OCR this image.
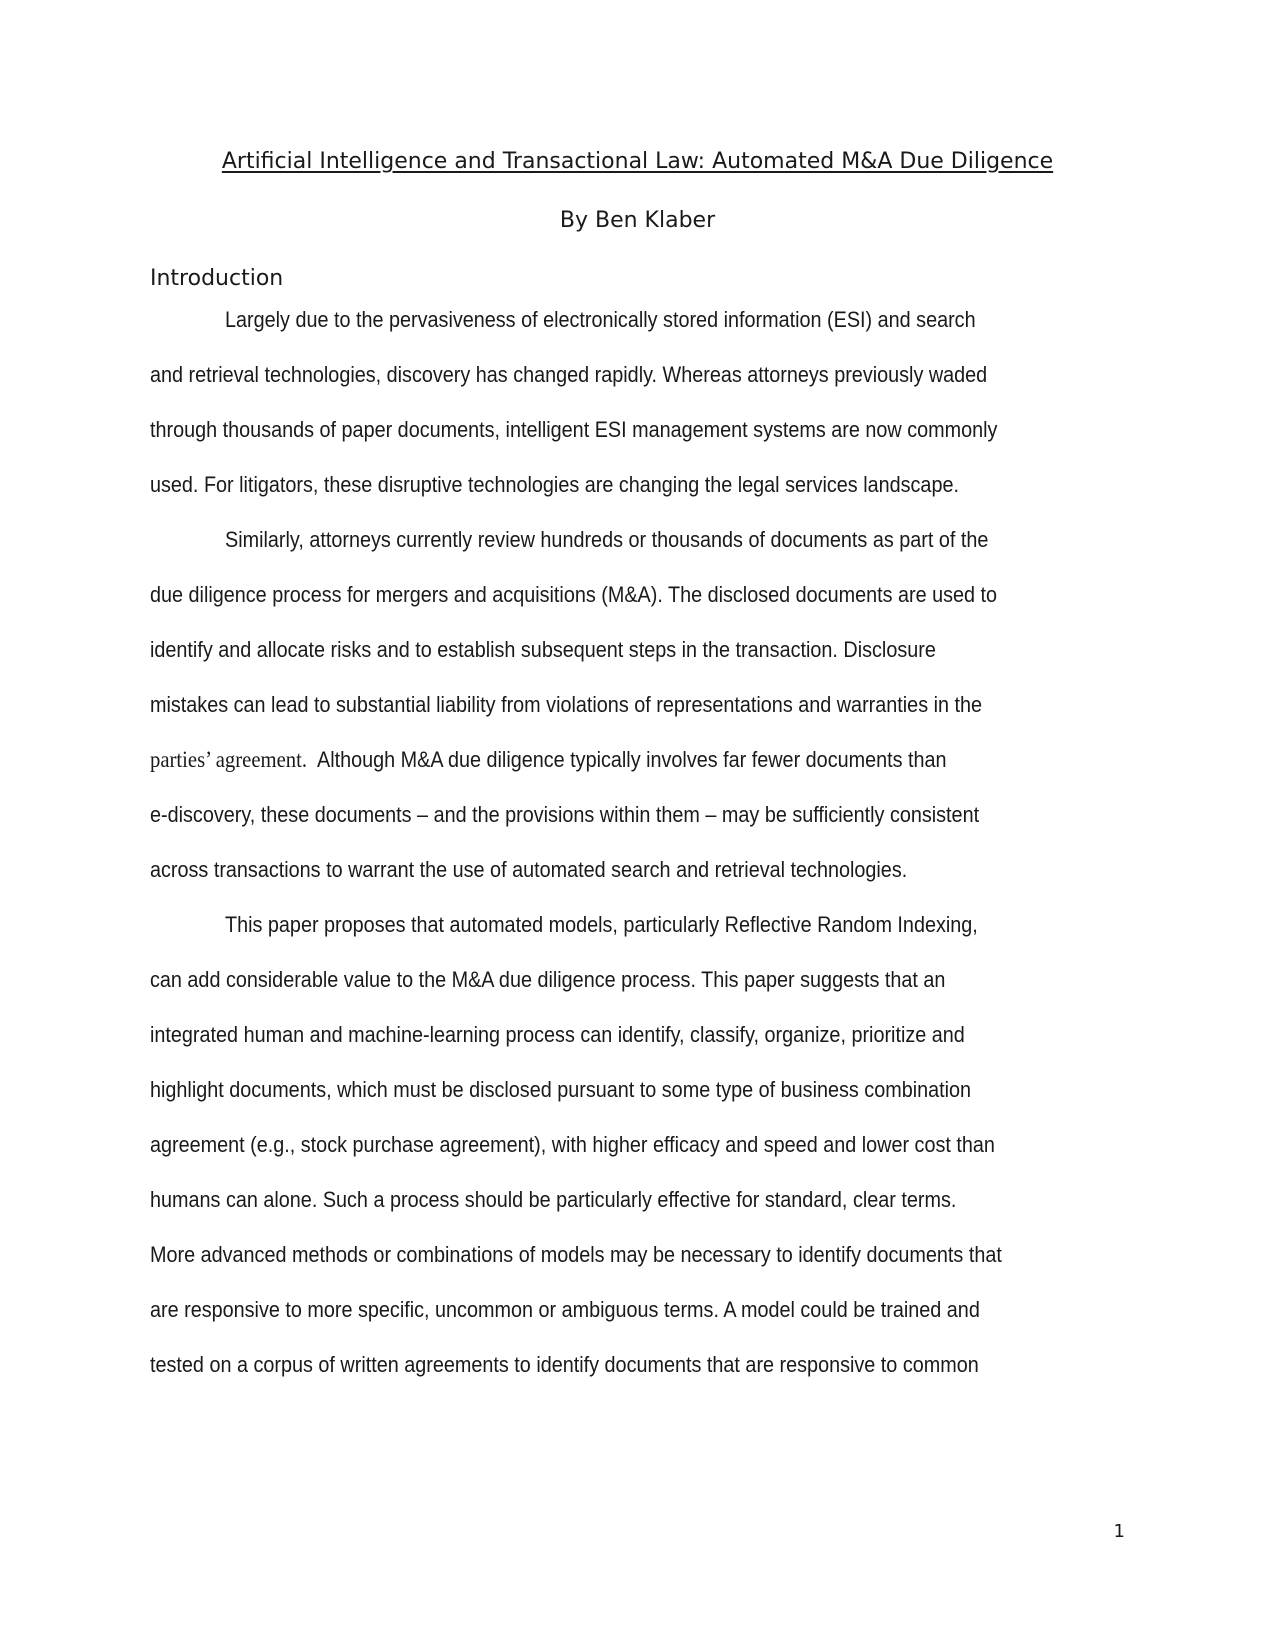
Artificial Intelligence and Transactional Law: Automated M&A Due Diligence
By Ben Klaber
Introduction
Largely due to the pervasiveness of electronically stored information (ESI) and search
and retrieval technologies, discovery has changed rapidly. Whereas attorneys previously waded
through thousands of paper documents, intelligent ESI management systems are now commonly
used. For litigators, these disruptive technologies are changing the legal services landscape.
Similarly, attorneys currently review hundreds or thousands of documents as part of the
due diligence process for mergers and acquisitions (M&A). The disclosed documents are used to
identify and allocate risks and to establish subsequent steps in the transaction. Disclosure
mistakes can lead to substantial liability from violations of representations and warranties in the
parties’ agreement. Although M&A due diligence typically involves far fewer documents than
e-discovery, these documents – and the provisions within them – may be sufficiently consistent
across transactions to warrant the use of automated search and retrieval technologies.
This paper proposes that automated models, particularly Reflective Random Indexing,
can add considerable value to the M&A due diligence process. This paper suggests that an
integrated human and machine-learning process can identify, classify, organize, prioritize and
highlight documents, which must be disclosed pursuant to some type of business combination
agreement (e.g., stock purchase agreement), with higher efficacy and speed and lower cost than
humans can alone. Such a process should be particularly effective for standard, clear terms.
More advanced methods or combinations of models may be necessary to identify documents that
are responsive to more specific, uncommon or ambiguous terms. A model could be trained and
tested on a corpus of written agreements to identify documents that are responsive to common
1
